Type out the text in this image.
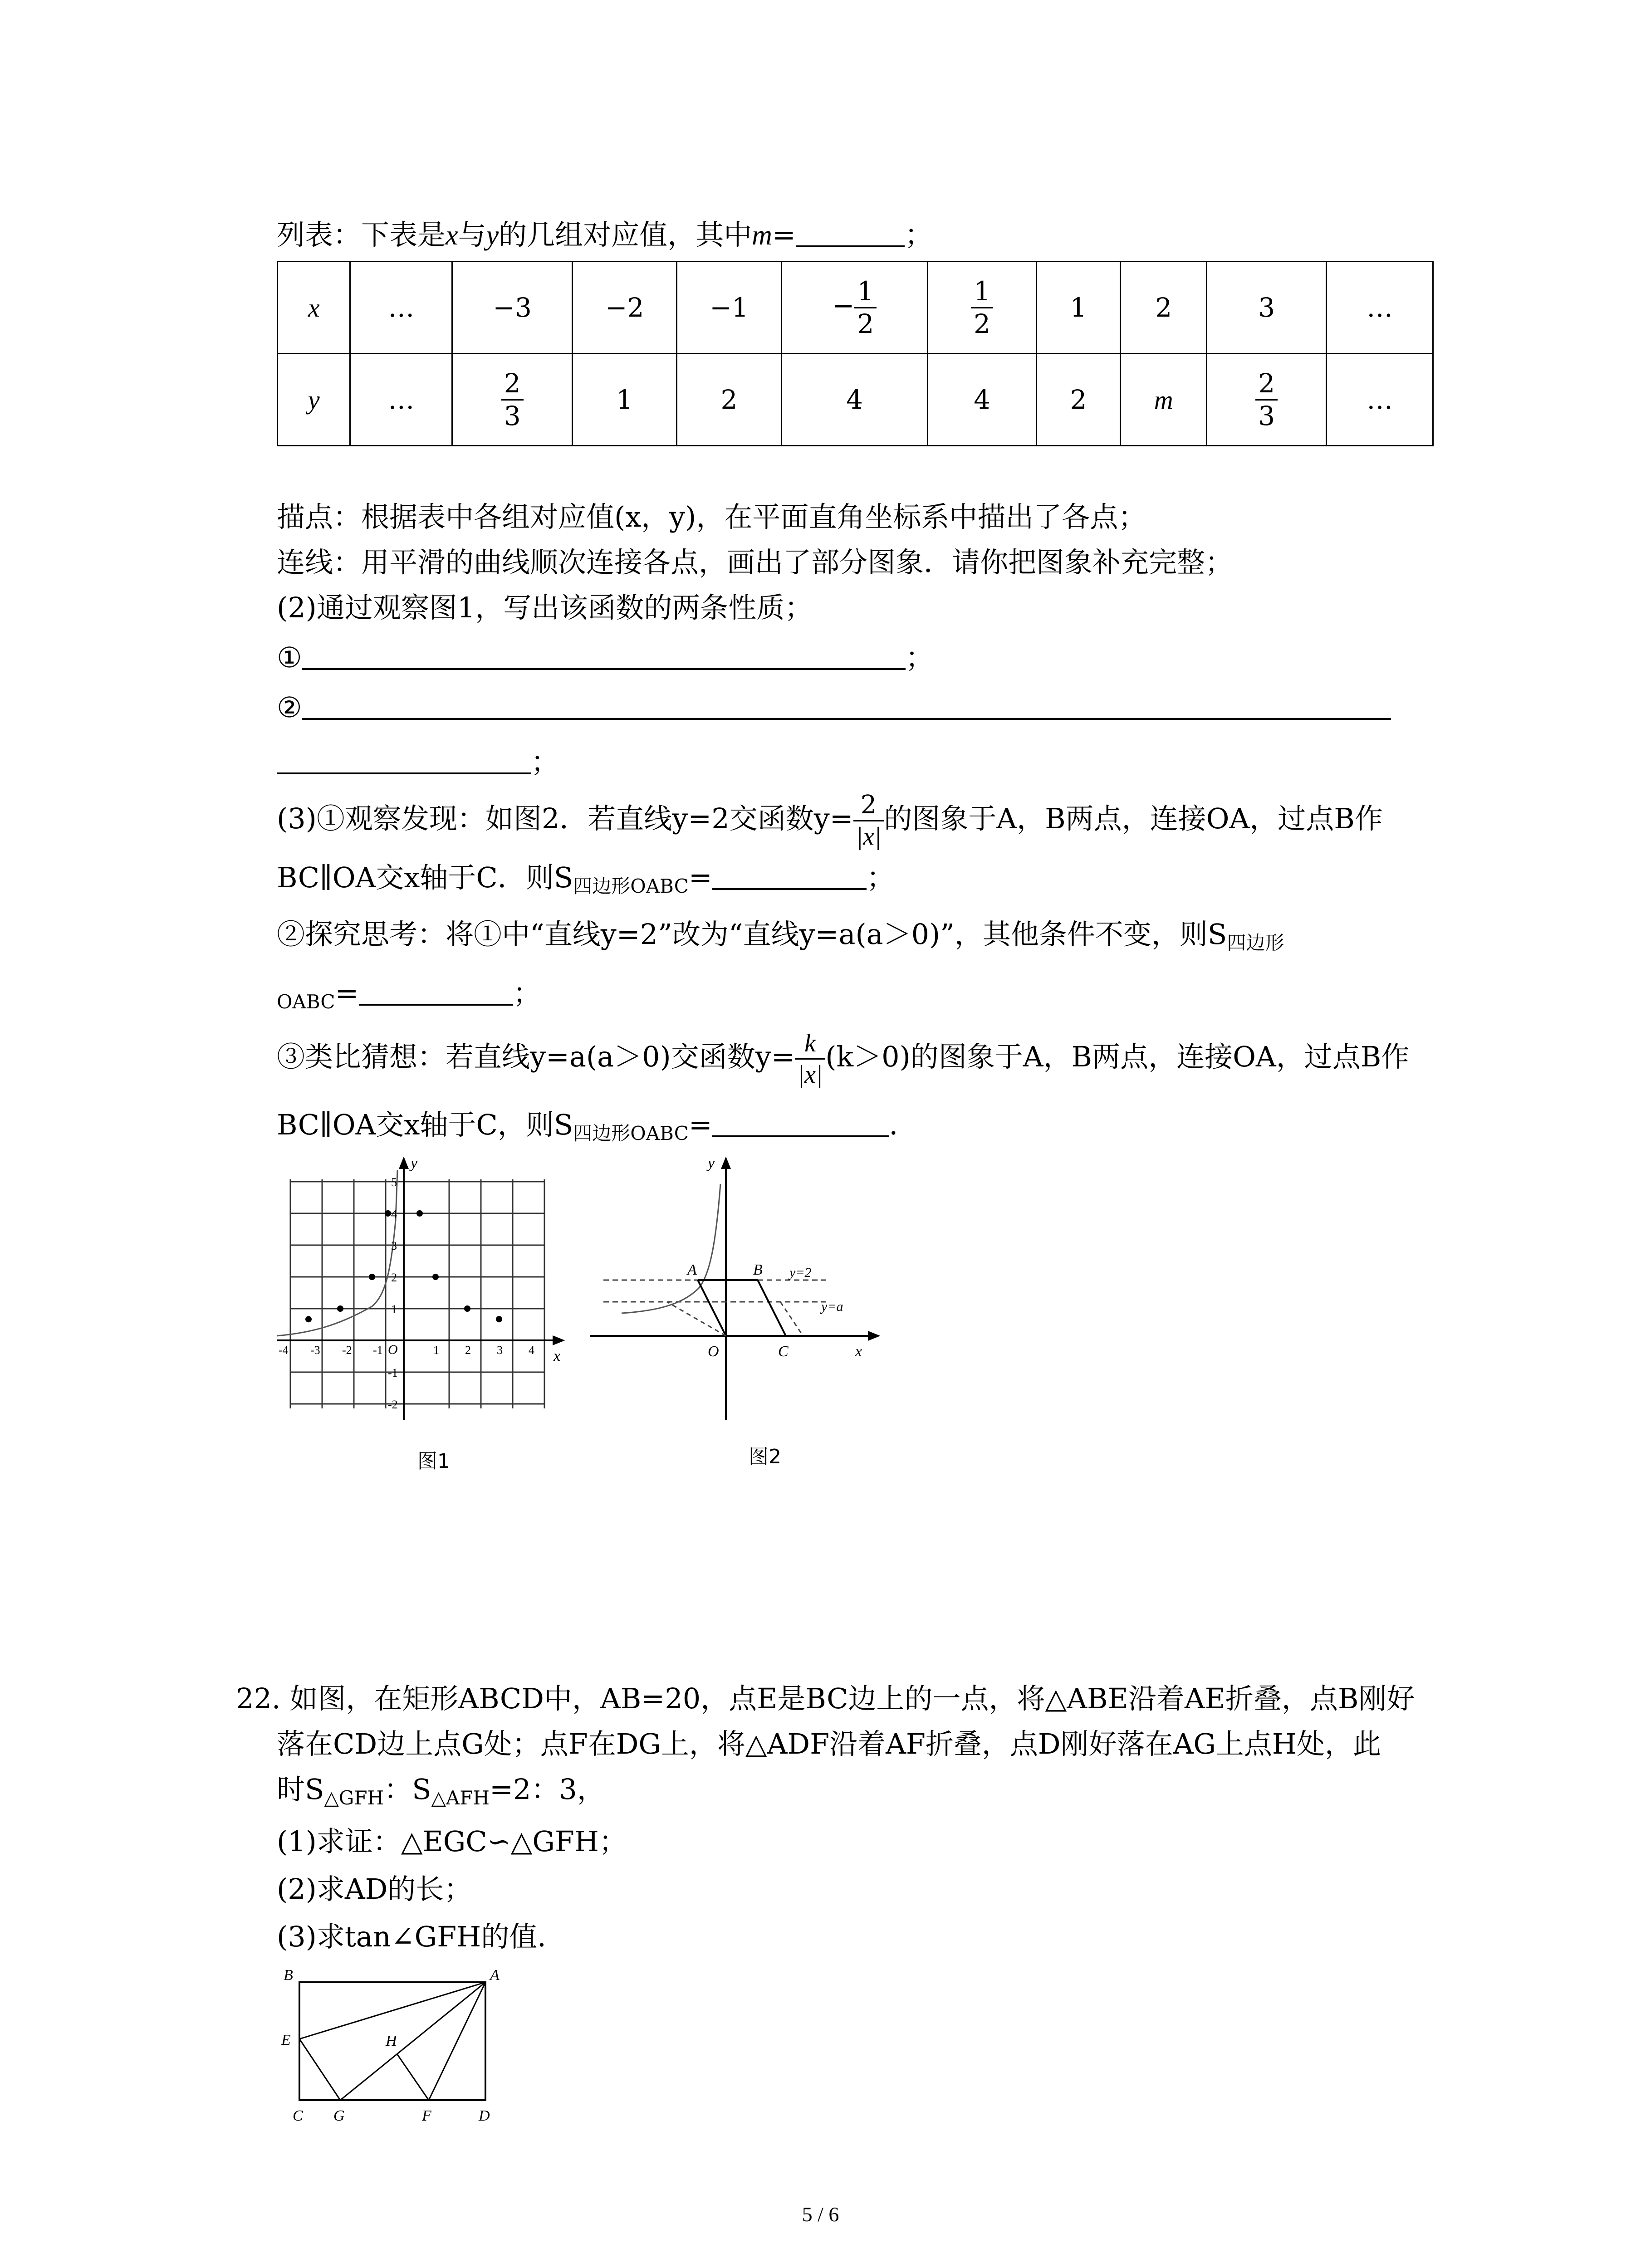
列表：下表是x与y的几组对应值，其中m=	；
x	…	−3	−2	−1	− $\frac{1}{2}$	$\frac{1}{2}$	1	2	3	…
y	…	$\frac{2}{3}$	1	2	4	4	2	m	$\frac{2}{3}$	…
描点：根据表中各组对应值(x，y)，在平面直角坐标系中描出了各点；
连线：用平滑的曲线顺次连接各点，画出了部分图象．请你把图象补充完整；
(2)通过观察图1，写出该函数的两条性质；
①	；
②
；
(3)①观察发现：如图2．若直线y=2交函数$y= \frac{2}{|x|}$ 的图象于A，B两点，连接OA，过点B作
BC∥OA交x轴于C．则$S_{四边形OABC}=$	；
②探究思考：将①中“直线y=2”改为“直线y=a(a＞0)”，其他条件不变，则$S_{四边形}$
$_{OABC}$=	；
③类比猜想：若直线y=a(a＞0)交函数$y= \frac{k}{|x|} (k>0)$的图象于A，B两点，连接OA，过点B作
BC∥OA交x轴于C，则$S_{四边形OABC}=$	．
y
x
O
-4 -3 -2 -1	1 2 3 4
5
4
3
2
1
-1
-2
图1
y
x
O
A	B
C
y=2
y=a
图2
22. 如图，在矩形ABCD中，AB=20，点E是BC边上的一点，将△ABE沿着AE折叠，点B刚好
落在CD边上点G处；点F在DG上，将△ADF沿着AF折叠，点D刚好落在AG上点H处，此
时$S_{\triangle GFH}$：$S_{\triangle AFH}=2$：3，
(1)求证：△EGC∽△GFH；
(2)求AD的长；
(3)求tan∠GFH的值．
B	A
E	H
C G	F	D
5 / 6
